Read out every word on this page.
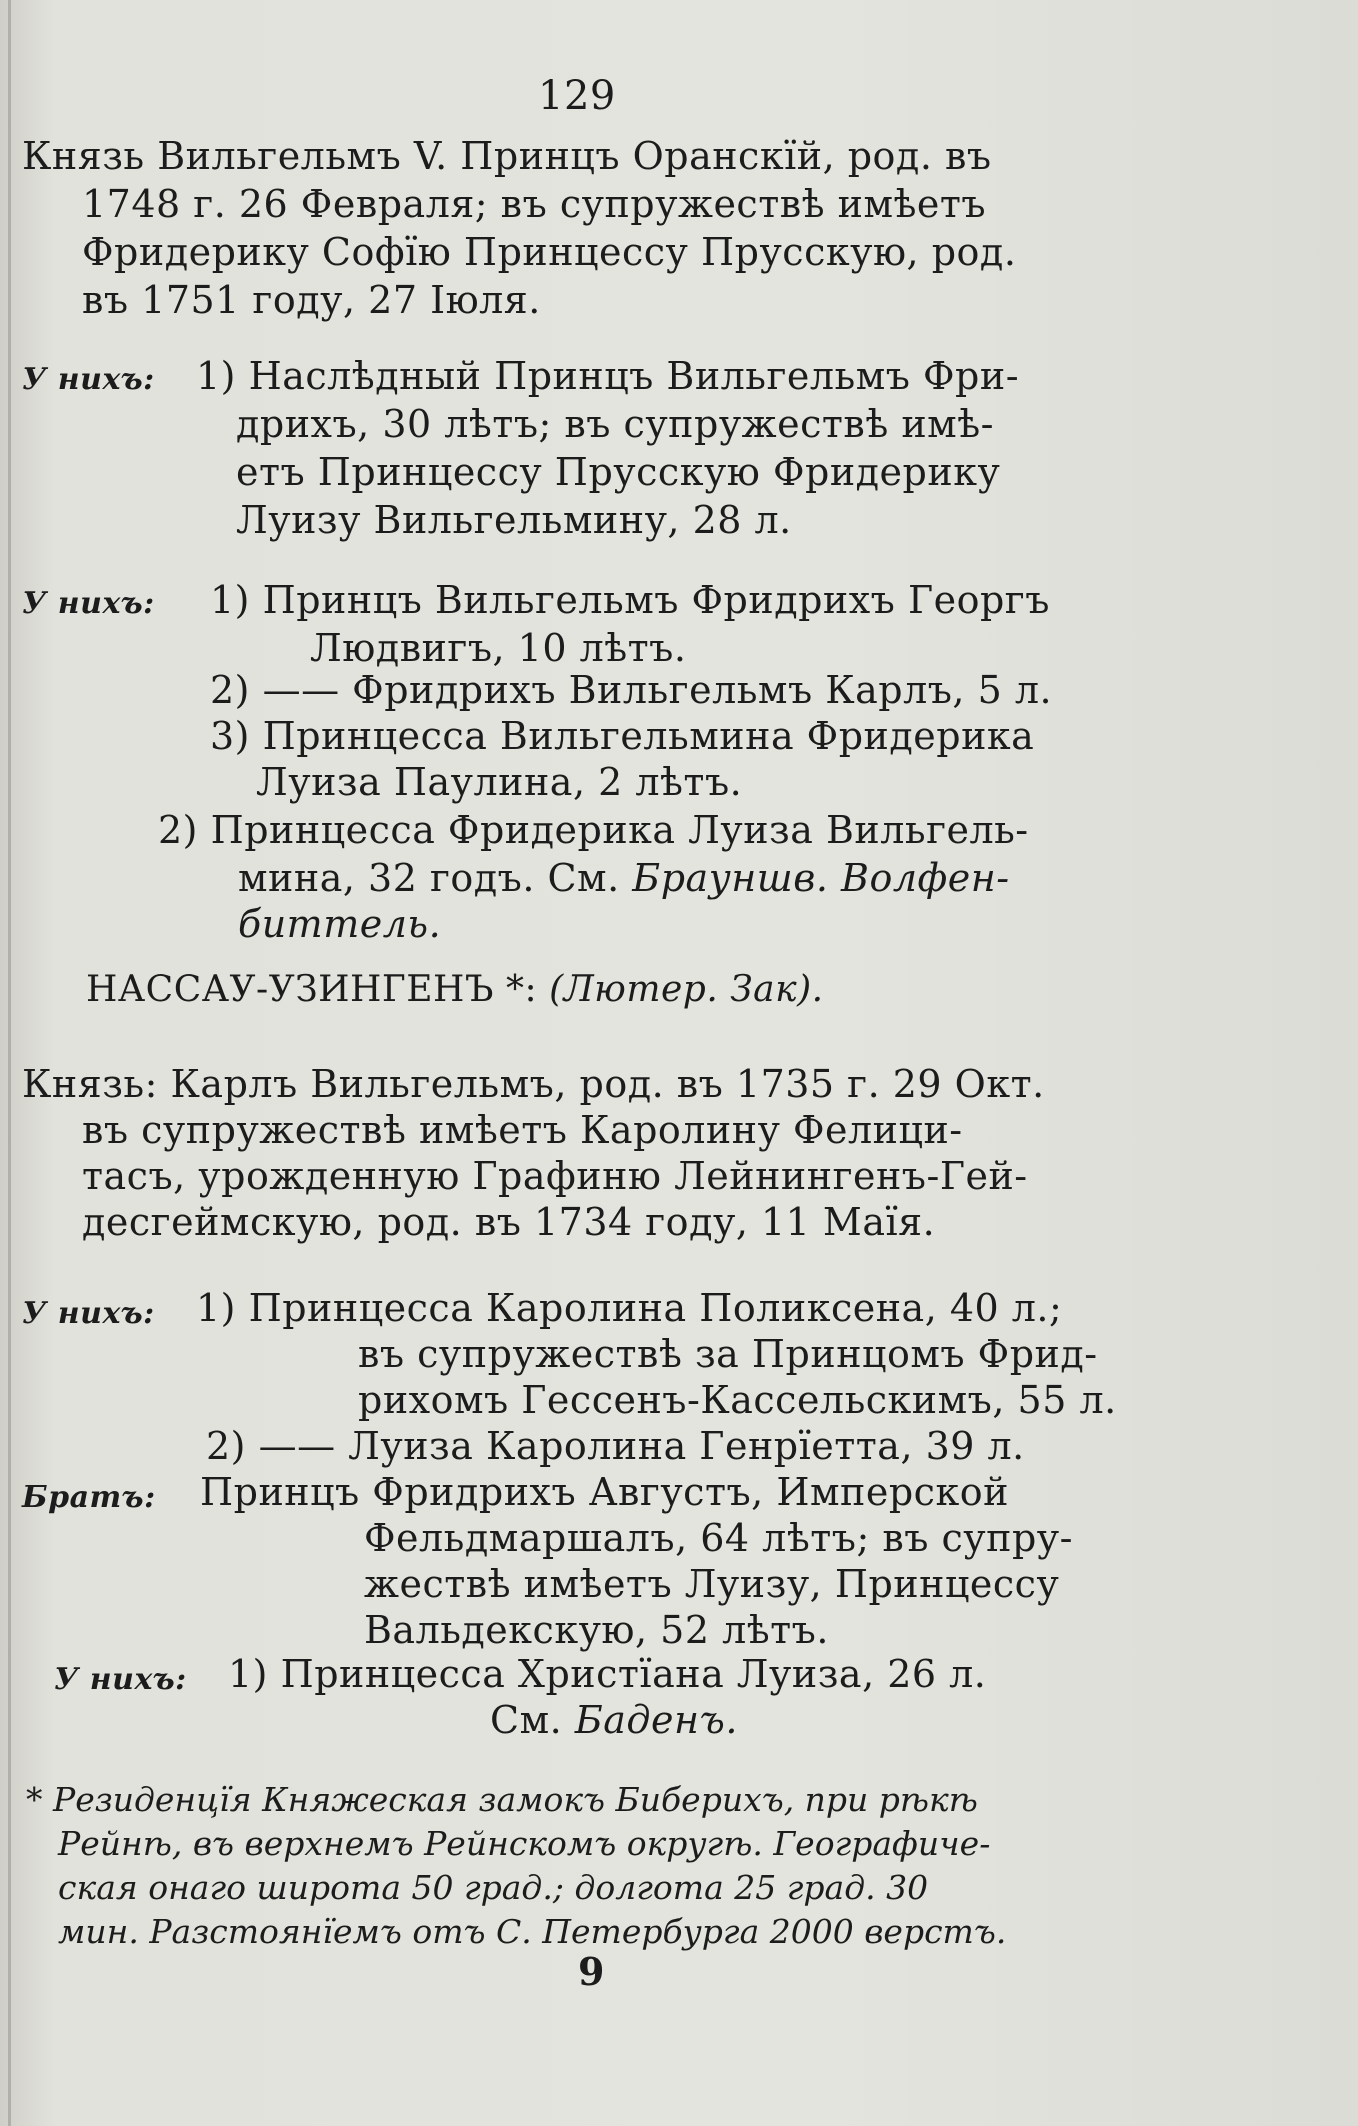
129
Князь Вильгельмъ V. Принцъ Оранскїй, род. въ
1748 г. 26 Февраля; въ супружествѣ имѣетъ
Фридерику Софїю Принцессу Прусскую, род.
въ 1751 году, 27 Iюля.
У нихъ: 1) Наслѣдный Принцъ Вильгельмъ Фри-
дрихъ, 30 лѣтъ; въ супружествѣ имѣ-
етъ Принцессу Прусскую Фридерику
Луизу Вильгельмину, 28 л.
У нихъ: 1) Принцъ Вильгельмъ Фридрихъ Георгъ
Людвигъ, 10 лѣтъ.
2) —— Фридрихъ Вильгельмъ Карлъ, 5 л.
3) Принцесса Вильгельмина Фридерика
Луиза Паулина, 2 лѣтъ.
2) Принцесса Фридерика Луиза Вильгель-
мина, 32 годъ. См. Брауншв. Волфен-
биттель.
НАССАУ-УЗИНГЕНЪ *: (Лютер. Зак).
Князь: Карлъ Вильгельмъ, род. въ 1735 г. 29 Окт.
въ супружествѣ имѣетъ Каролину Фелици-
тасъ, урожденную Графиню Лейнингенъ-Гей-
десгеймскую, род. въ 1734 году, 11 Маїя.
У нихъ: 1) Принцесса Каролина Поликсена, 40 л.;
въ супружествѣ за Принцомъ Фрид-
рихомъ Гессенъ-Кассельскимъ, 55 л.
2) —— Луиза Каролина Генрїетта, 39 л.
Братъ: Принцъ Фридрихъ Августъ, Имперской
Фельдмаршалъ, 64 лѣтъ; въ супру-
жествѣ имѣетъ Луизу, Принцессу
Вальдекскую, 52 лѣтъ.
У нихъ: 1) Принцесса Христїана Луиза, 26 л.
См. Баденъ.
* Резиденцїя Княжеская замокъ Биберихъ, при рѣкѣ
Рейнѣ, въ верхнемъ Рейнскомъ округѣ. Географиче-
ская онаго широта 50 град.; долгота 25 град. 30
мин. Разстоянїемъ отъ С. Петербурга 2000 верстъ.
9
